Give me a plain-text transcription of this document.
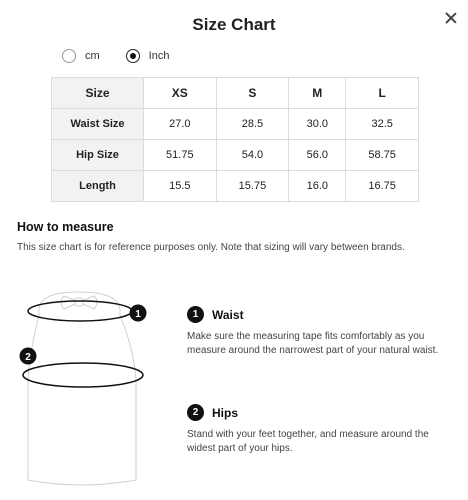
Size Chart
cm	Inch
Size	XS	S	M	L
Waist Size	27.0	28.5	30.0	32.5
Hip Size	51.75	54.0	56.0	58.75
Length	15.5	15.75	16.0	16.75
How to measure
This size chart is for reference purposes only. Note that sizing will vary between brands.
1
2
1	Waist
Make sure the measuring tape fits comfortably as you measure around the narrowest part of your natural waist.
2	Hips
Stand with your feet together, and measure around the widest part of your hips.
